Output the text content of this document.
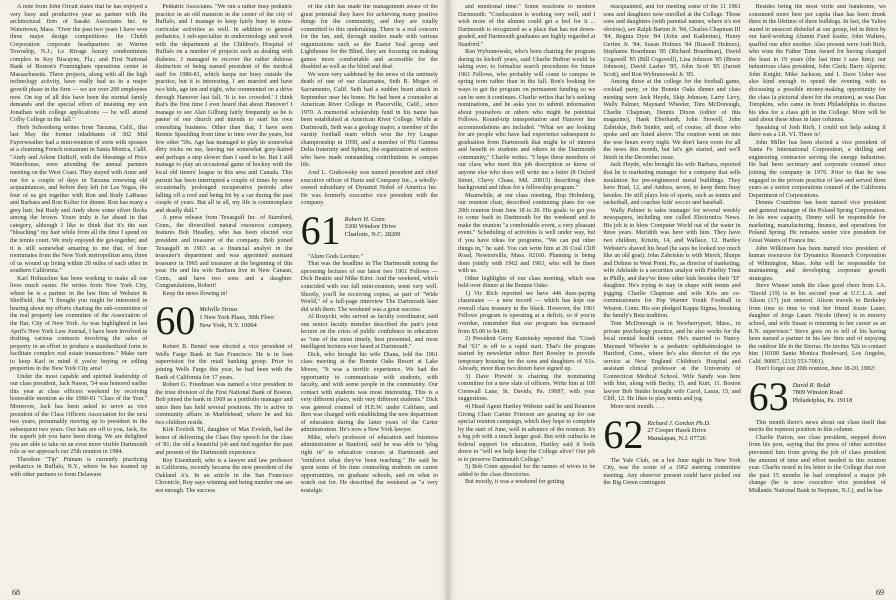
A note from John Orcutt states that he has enjoyed a very busy and productive year as partner with the architectural firm of Sasaki Associates Inc. in Watertown, Mass. "Over the past two years I have won three major design competitions: the Chubb Corporation corporate headquarters in Warren Township, N.J.; Le Rivage luxury condominium complex in Key Biscayne, Fla.; and First National Bank of Boston's Framingham operations center in Massachusetts. Three projects, along with all the high technology activity, have really had us in a major growth phase in the firm — we are over 200 employees now. On top of all this have been the normal family demands and the special effort of insisting my son Jonathan with college applications — he will attend Colby College in the fall."

Herb Schoenberg writes from Tarzana, Calif., that last May the former inhabitants of 302 Mid Fayerweather had a mini-reunion of sorts with spouses at a charming French restaurant in Santa Monica, Calif. "Andy and Arlene DuBoff, with the blessings of Price Waterhouse, were attending the annual partners meeting on the West Coast. They stayed with Anne and me for a couple of days in Tarzana renewing old acquaintances, and before they left for Las Vegas, the four of us got together with Ron and Rudy LaRusso and Barbara and Ron Kolter for dinner. Ron has many a grey hair, but Rudy and Andy show some silver flecks among the brown. Yours truly is far ahead in that category, although I like to think that it's the sun "bleaching" my hair while from all the time I spend on the tennis court. We truly enjoyed the get-together, and it is still somewhat amazing to me that, of four roommates from the New York metropolitan area, three of us wound up living within 20 miles of each other in southern California."

Karl Holtzschue has been working to make all our lives much easier. He writes from New York City, where he is a partner in the law firm of Webster & Sheffield, that "I thought you might be interested in hearing about my efforts chairing the sub-committee of the real property law committee of the Association of the Bar, City of New York. As was highlighted in last April's New York Law Journal, I have been involved in drafting various contracts involving the sales of property in an effort to produce a standardized form to facilitate complex real estate transactions." Make sure to keep Karl in mind if you're buying or selling properties in the New York City area!

Under the most capable and spirited leadership of our class president, Jack Nason, '54 was honored earlier this year at class officers weekend by receiving honorable mention as the 1980-81 "Class of the Year." Moreover, Jack has been asked to serve as vice president of the Class Officers Association for the next two years, presumably moving up to president in the subsequent two years. Our hats are off to you, Jack, for the superb job you have been doing. We are delighted you are able to take on an even more visible Dartmouth role as we approach our 25th reunion in 1984.

Theodore "Tip" Putnam is currently practicing pediatrics in Buffalo, N.Y., where he has teamed up with other partners to form Delaware

Pediatric Associates. "We run a rather busy pediatric practice in an old mansion in the center of the city of Buffalo, and I manage to keep fairly busy in extra-curricular activities as well. In addition to general pediatrics, I sub-specialize in endocrinology and work with the department at the Children's Hospital of Buffalo on a number of projects such as dealing with diabetes. I managed to recover the rather dubious distinction of being named president of the medical staff for 1980-81, which keeps me busy outside the practice, but it is interesting. I am married and have two kids, age ten and eight, who commented on a drive through Hanover last fall, 'It is too crowded.' I think that's the first time I ever heard that about Hanover! I manage to see Alan Gilburg fairly frequently as he is pastor of our church and intends to start his own consulting business. Other than that, I have seen Rennie Spaulding from time to time over the years, but few other '59s. Age has managed to play its somewhat dirty tricks on me, leaving me somewhat grey-haired and perhaps a step slower than I used to be. But I still manage to play an occasional game of hockey with the local old timers' league in this area and Canada. This pursuit has been interrupted a couple of times by some occasionally prolonged recuperative periods after falling off a roof and being hit by a car during the past couple of years. But all in all, my life is commonplace and deadly dull."

A press release from Texasgulf Inc. of Stamford, Conn., the diversified natural resources company, features Bob Headley, who has been elected vice president and treasurer of the company. Bob joined Texasgulf in 1963 as a financial analyst in the treasurer's department and was appointed assistant treasurer in 1965 and treasurer at the beginning of this year. He and his wife Barbara live in New Canaan, Conn., and have two sons and a daughter. Congratulations, Robert!

Keep the news flowing in!

60 Melville Straus
1 New York Plaza, 30th Floor
New York, N.Y. 10004

Robert B. Bentel was elected a vice president of Wells Fargo Bank in San Francisco. He is in loan supervision for the retail banking group. Prior to joining Wells Fargo this year, he had been with the Bank of California for 17 years.

Robert G. Freedman was named a vice president in the trust division of the First National Bank of Boston. Bob joined the bank in 1969 as a portfolio manager and since then has held several positions. He is active in community affairs in Marblehead, where he and his two children reside.

Kirk Eveleth '81, daughter of Max Eveleth, had the honor of delivering the Class Day speech for the class of '81; the old a beautiful job and tied together the past and present of the Dartmouth experience.

Roy Eisenhardt, who is a lawyer and law professor in California, recently became the new president of the Oakland A's. In an article in the San Francisco Chronicle, Roy says winning and being number one are not enough. The success

of the club has made the management aware of the great potential they have for achieving many positive things for the community, and they are totally committed to this undertaking. There is a real concern for the fan, and, through studies made with various organizations such as the Easter Seal group and Lighthouse for the Blind, they are focusing on making games more comfortable and accessible for the disabled as well as the blind and deaf.

We were very saddened by the news of the untimely death of one of our classmates, Seth R. Mogee of Sacramento, Calif. Seth had a sudden heart attack in September near his home. He had been a counselor at American River College in Placerville, Calif., since 1970. A memorial scholarship fund in his name has been established at American River College. While at Dartmouth, Seth was a geology major, a member of the varsity football team which won the Ivy League championship in 1958, and a member of Phi Gamma Delta fraternity and Sphinx, the organization of seniors who have made outstanding contributions to campus life.

Axel L. Grabowsky was named president and chief executive officer of Hartz and Company Inc., a wholly-owned subsidiary of Dynamit Nobel of America Inc. He was formerly executive vice president with the company.

61 Robert H. Conn
3300 Windsor Drive
Charlotte, N.C. 28209

"Alum Gods Lecture."

That was the headline in The Dartmouth noting the upcoming lectures of our latest two 1961 Fellows — Dick Beattie and Mike Kirst. And the weekend, which coincided with our fall mini-reunion, went very well. Shortly, you'll be receiving copies, as part of "Wide World," of a full-page interview The Dartmouth later did with them. The weekend was a great success.

Al Rozycki, who served as faculty coordinator, said one senior faculty member described the pair's joint lecture on the crisis of public confidence in education as "one of the most timely, best presented, and most intelligent lectures ever heard at Dartmouth."

Dick, who brought his wife Diana, told the 1961 class meeting at the Bonnie Oaks Resort at Lake Moore, "It was a terrific experience. We had the opportunity to communicate with students, with faculty, and with some people in the community. Our contact with students was most interesting. This is a very different place, with very different students." Dick was general counsel of H.E.W. under Califano, and then was charged with establishing the new department of education during the latter years of the Carter administration. He's now a New York lawyer.

Mike, who's professor of education and business administration at Stanford, said he was able to "plug right in" to education courses at Dartmouth and "reinforce what they've been teaching." He said he spent some of his time counseling students on career opportunities, on graduate schools, and on what to watch out for. He described the weekend as "a very nostalgic

68

and emotional time." Some reactions to modern Dartmouth: "Coeducation is working very well, and I wish more of the alumni could get a feel for it ... Dartmouth is recognized as a place that has not down-graded, and Dartmouth graduates are highly regarded at Stanford."

Ron Wybranowski, who's been chairing the program during its kickoff years, said Charlie Bufton would be taking over, to formalize search procedures for future 1961 Fellows, who probably will come to campus in spring term rather than in the fall. Ron's looking for ways to get the program on permanent funding so we can be sure it continues. Charlie writes that he's seeking nominations, and he asks you to submit information about yourselves or others who might be potential Fellows. Round-trip transportation and Hanover Inn accommodations are included. "What we are looking for are people who have had experience subsequent to graduation from Dartmouth that might be of interest and benefit to students and others in the Dartmouth community," Charlie writes. "I hope these members of our class who meet this job description or know of anyone else who does will write me a letter (8 Oxford Street, Chevy Chase, Md. 20815) describing their background and ideas for a fellowship program."

Meanwhile, at our class meeting, Hop Holmberg, our reunion chair, described continuing plans for our 20th reunion from June 18 to 20. His goals: to get you to come back to Dartmouth for the weekend and to make the reunion "a comfortable event, a very pleasant event." Scheduling of activities is well under way, but if you have ideas for programs, "We can put other things in," he said. You can write him at 26 Coal Cliff Road, Newtonville, Mass. 02160. Planning is being done jointly with 1962 and 1963, who will be there with us.

Other highlights of our class meeting, which was held over dinner at the Bonnie Oaks:

1) Vic Rich reported we have 446 dues-paying classmates — a new record — which has kept our overall class treasury in the black. However, the 1961 Fellows program is operating at a deficit, so if you're overdue, remember that our program has increased from $3.00 to $4.00.

2) President Gerry Kaminsky reported that "Crash Pad '61" is off to a rapid start. That's the program started by newsletter editor Bert Rowley to provide temporary housing for the sons and daughters of '61s. Already, more than two dozen have signed up.

3) Dave Prewitt is chairing the nominating committee for a new slate of officers. Write him at 100 Cornwall Lane, St. Davids, Pa. 19087, with your suggestions.

4) Head Agent Hartley Webster said he and Reunion Giving Chair Cartter Frierson are gearing up for our special reunion campaign, which they hope to complete by the start of June, well in advance of the reunion. It's a big job with a much larger goal. But with cutbacks in federal support for education, Hartley said it boils down to "will we help keep the College alive? Our job is to preserve Dartmouth College."

5) Bob Conn appealed for the names of wives to be added to the class directories.

But mostly, it was a weekend for getting

reacquainted, and for meeting some of the 11 1961 sons and daughters now enrolled at the College. Those sons and daughters (with parental names, where it's not obvious), are Ralph Barton Jr. '84, Charles Chapman III '84, Regina Dyer '84 (John and Katherine), Henry Gerfen Jr. '84, Susan Holmes '84 (Russell Holmes), Stephanie Boardman '85 (Richard Boardman), David Cogswell '85 (Bill Cogswell), Lisa Johnson '85 (Bruce Johnson), David Lasher '85, John Scott '85 (Jarrett Scott), and Ron Wybranowski Jr. '85.

Among those at the college for the football game, cocktail party, or the Bonnie Oaks dinner and class meeting were Jack Heyde, Skip Johnson, Larry Levy, Wally Palmer, Maynard Wheeler, Tom McDonough, Charlie Chapman, Dennis Dixon (editor of this magazine), Hank Eberhardt, John Stowell, John Zabriskie, Bob Snider, and, of course, all those who spoke and are listed above. The reunion went on into the wee hours every night. We don't have room for all the news this month, but let's get started, and we'll finish in the December issue.

Jack Heyde, who brought his wife Barbara, reported that he is marketing manager for a company that sells insulation for pre-engineered metal buildings. They have Brad, 12, and Andrea, seven, to keep them busy besides. He still plays lots of sports, such as tennis and racketball, and coaches kids' soccer and baseball.

Wally Palmer is sales manager for several weekly newspapers, including one called Electronics News. His job is to blow Computer World out of the water in three years. Meridith was here with him. They have two children, Kristin, 14, and Wallace, 12. Hartley Webster's shaved his head (he says he looked too much like an old goat). John Zabriskie is with Merck, Sharpe and Dohme in West Point, Pa., as director of marketing, wife Adelaide is a securities analyst with Fidelity Trust in Philly, and they've three other kids besides their "D" daughter. He's trying to stay in shape with tennis and jogging. Charlie Chapman and wife Kris are co-commissioners for Pop Warner Youth Football in Weston. Conn. His son pledged Kappa Sigma, breaking the family's Beta tradition.

Tom McDonough is in Newberryport, Mass., in private psychology practice, and he also works for the local mental health center. He's married to Nancy. Maynard Wheeler is a pediatric ophthalmologist in Hartford, Conn., where he's also director of the eye service at New England Children's Hospital and assistant clinical professor at the University of Connecticut Medical School. Wife Sandy was here with him, along with Becky, 15, and Kurt, 11. Boston lawyer Bob Snider brought wife Carol, Laura, 15, and Cliff, 12. He likes to play tennis and jog.

More next month. . . .

62 Richard J. Gordon Ph.D.
27 Cooper Hawk Drive
Manalapan, N.J. 07726

The Yale Club, on a hot June night in New York City, was the scene of a 1962 steering committee meeting. Any observer present could have picked out the Big Green contingent

Besides being the most virile and handsome, we consumed more beer per capita than has been drunk there in the lifetime of three bulldogs. In fact, the Yalies stared in unsecret disbelief at our group, led in thirst by our hard-working Alumni Fund leader, John Walters, quaffed one after another. Also present were Josh Rich, who wins the Father Time Award for having changed the least in 19 years (the last time I saw him); our industrious class president, John Clark; Barry Alperin; John Knight; Mike Jackson; and I. Dave Usher was also kind enough to spend the evening with us discussing a possible money-making opportunity for the class (a pictorial sheet for the reunion), as was Dan Tompkins, who came in from Philadelphia to discuss his idea for a class gift to the College. More will be said about these ideas in later columns.

Speaking of Josh Rich, I could not help asking if there was a J.R. VI. There is!

John Miller has been elected a vice president of Santa Fe International Corporation, a drilling and engineering contractor serving the energy industries. He had been secretary and corporate counsel since joining the company in 1976. Prior to that he was engaged in the private practice of law and served three years as a senior corporations counsel of the California Department of Corporations.

Dennis Crumbine has been named vice president and general manager of the Poland Spring Corporation. In his new capacity, Denny will be responsible for marketing, manufacturing, finance, and operations for Poland Spring. He remains senior vice president for Great Waters of France Inc.

John Wilkinson has been named vice president of human resources for Dynamics Research Corporation of Wilmington, Mass. John will be responsible for maintaining and developing corporate growth strategies.

Steve Wiener sends the class good cheer from LA. "David (19) is in his second year at U.C.L.A. and Alison (17) just entered. Alison travels to Berkeley from time to time to visit her friend Jessie Lauer, daughter of Jorge Lauer. Nicole (three) is in nursery school, and wife Susan is returning to her career as an R.N. supervisor." Steve goes on to tell of his having been named a partner in his law firm and of enjoying the outdoor life in the Sierras. He invites '62s to contact him (10100 Santa Monica Boulevard, Los Angeles, Calif. 90067, (213) 553-7001).

Don't forget our 20th reunion, June 18-20, 1982!

63 David R. Boldt
7809 Winston Road
Philadelphia, Pa. 19118

This month there's news about our class itself that merits the topmost position in this column.

Charlie Parton, our class president, stepped down from his post, saying that the press of other activities prevented him from giving the job of class president the amount of time and effort needed in this reunion year. Charlie noted in his letter to the College that over the past 15 months he had completed a major job change (he is now executive vice president of Midlantic National Bank in Neptune, N.J.), and he has

69
